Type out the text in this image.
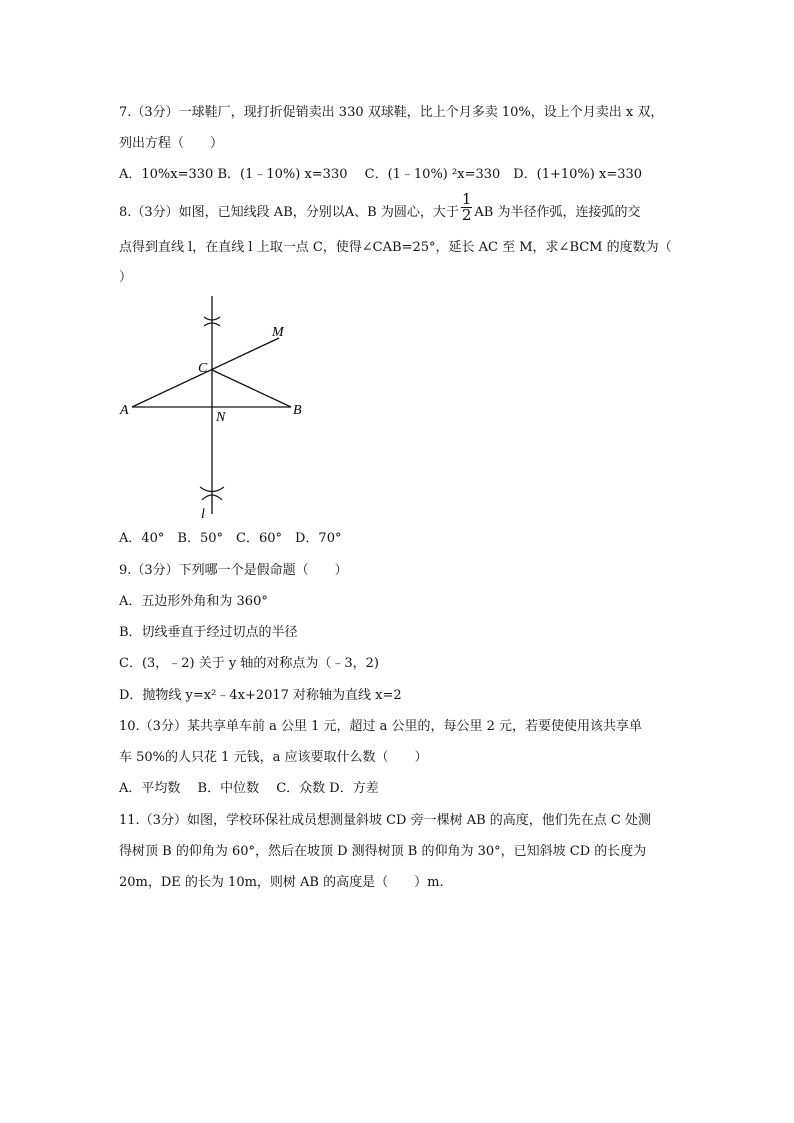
7.（3分）一球鞋厂，现打折促销卖出 330 双球鞋，比上个月多卖 10%，设上个月卖出 x 双，
列出方程（　　）
A．10%x=330 B．(1﹣10%) x=330　 C．(1﹣10%) ²x=330　D．(1+10%) x=330
8.（3分）如图，已知线段 AB，分别以A、B 为圆心，大于 $\frac{1}{2}$ AB 为半径作弧，连接弧的交
点得到直线 l，在直线 l 上取一点 C，使得∠CAB=25°，延长 AC 至 M，求∠BCM 的度数为（
）
A	B
C
M
N
l
A．40°　B．50°　C．60°　D．70°
9.（3分）下列哪一个是假命题（　　）
A．五边形外角和为 360°
B．切线垂直于经过切点的半径
C．(3，﹣2) 关于 y 轴的对称点为（﹣3，2)
D．抛物线 y=x²﹣4x+2017 对称轴为直线 x=2
10.（3分）某共享单车前 a 公里 1 元，超过 a 公里的，每公里 2 元，若要使使用该共享单
车 50%的人只花 1 元钱，a 应该要取什么数（　　）
A．平均数　 B．中位数　 C．众数 D．方差
11.（3分）如图，学校环保社成员想测量斜坡 CD 旁一棵树 AB 的高度，他们先在点 C 处测
得树顶 B 的仰角为 60°，然后在坡顶 D 测得树顶 B 的仰角为 30°，已知斜坡 CD 的长度为
20m，DE 的长为 10m，则树 AB 的高度是（　　）m.
